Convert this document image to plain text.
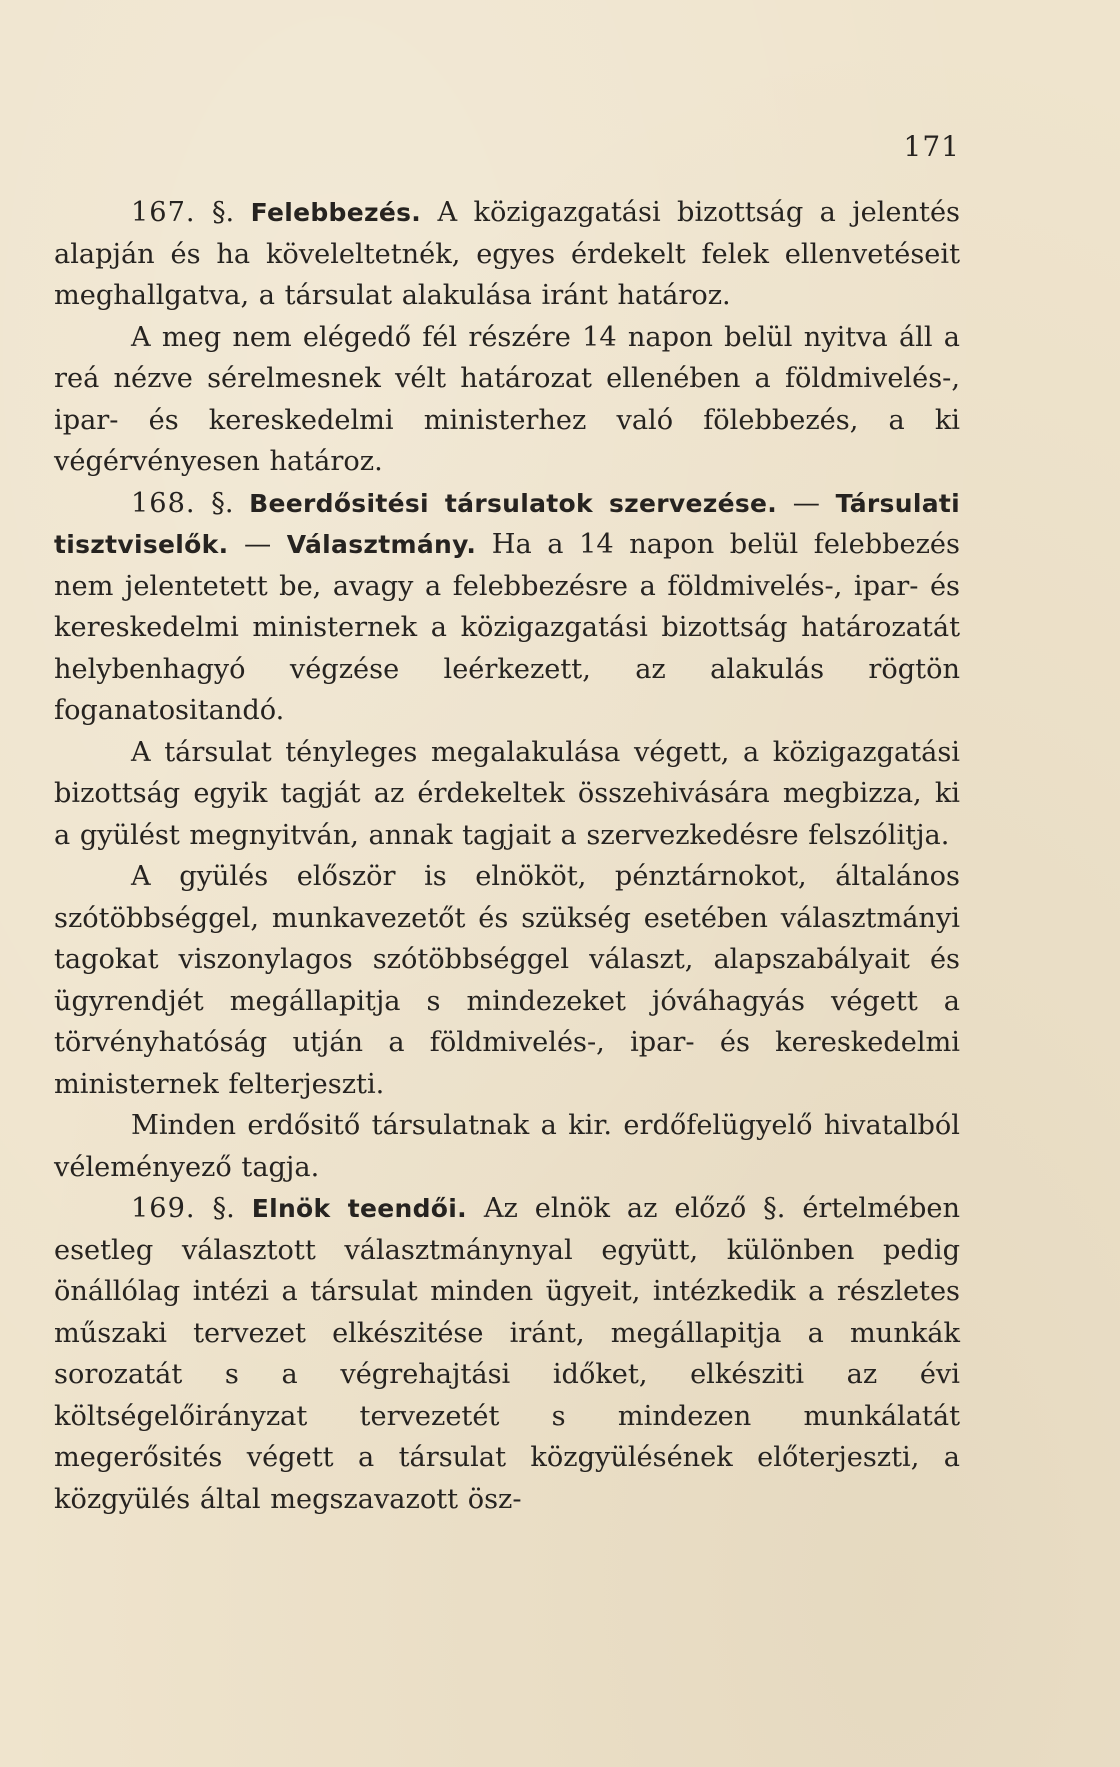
171

167. §. Felebbezés. A közigazgatási bizottság a jelentés alapján és ha köveleltetnék, egyes érdekelt felek ellenvetéseit meghallgatva, a társulat alakulása iránt határoz.

A meg nem elégedő fél részére 14 napon belül nyitva áll a reá nézve sérelmesnek vélt határozat ellenében a földmivelés-, ipar- és kereskedelmi ministerhez való fölebbezés, a ki végérvényesen határoz.

168. §. Beerdősitési társulatok szervezése. — Társulati tisztviselők. — Választmány. Ha a 14 napon belül felebbezés nem jelentetett be, avagy a felebbezésre a földmivelés-, ipar- és kereskedelmi ministernek a közigazgatási bizottság határozatát helybenhagyó végzése leérkezett, az alakulás rögtön foganatositandó.

A társulat tényleges megalakulása végett, a közigazgatási bizottság egyik tagját az érdekeltek összehivására megbizza, ki a gyülést megnyitván, annak tagjait a szervezkedésre felszólitja.

A gyülés először is elnököt, pénztárnokot, általános szótöbbséggel, munkavezetőt és szükség esetében választmányi tagokat viszonylagos szótöbbséggel választ, alapszabályait és ügyrendjét megállapitja s mindezeket jóváhagyás végett a törvényhatóság utján a földmivelés-, ipar- és kereskedelmi ministernek felterjeszti.

Minden erdősitő társulatnak a kir. erdőfelügyelő hivatalból véleményező tagja.

169. §. Elnök teendői. Az elnök az előző §. értelmében esetleg választott választmánynyal együtt, különben pedig önállólag intézi a társulat minden ügyeit, intézkedik a részletes műszaki tervezet elkészitése iránt, megállapitja a munkák sorozatát s a végrehajtási időket, elkésziti az évi költségelőirányzat tervezetét s mindezen munkálatát megerősités végett a társulat közgyülésének előterjeszti, a közgyülés által megszavazott ösz-
